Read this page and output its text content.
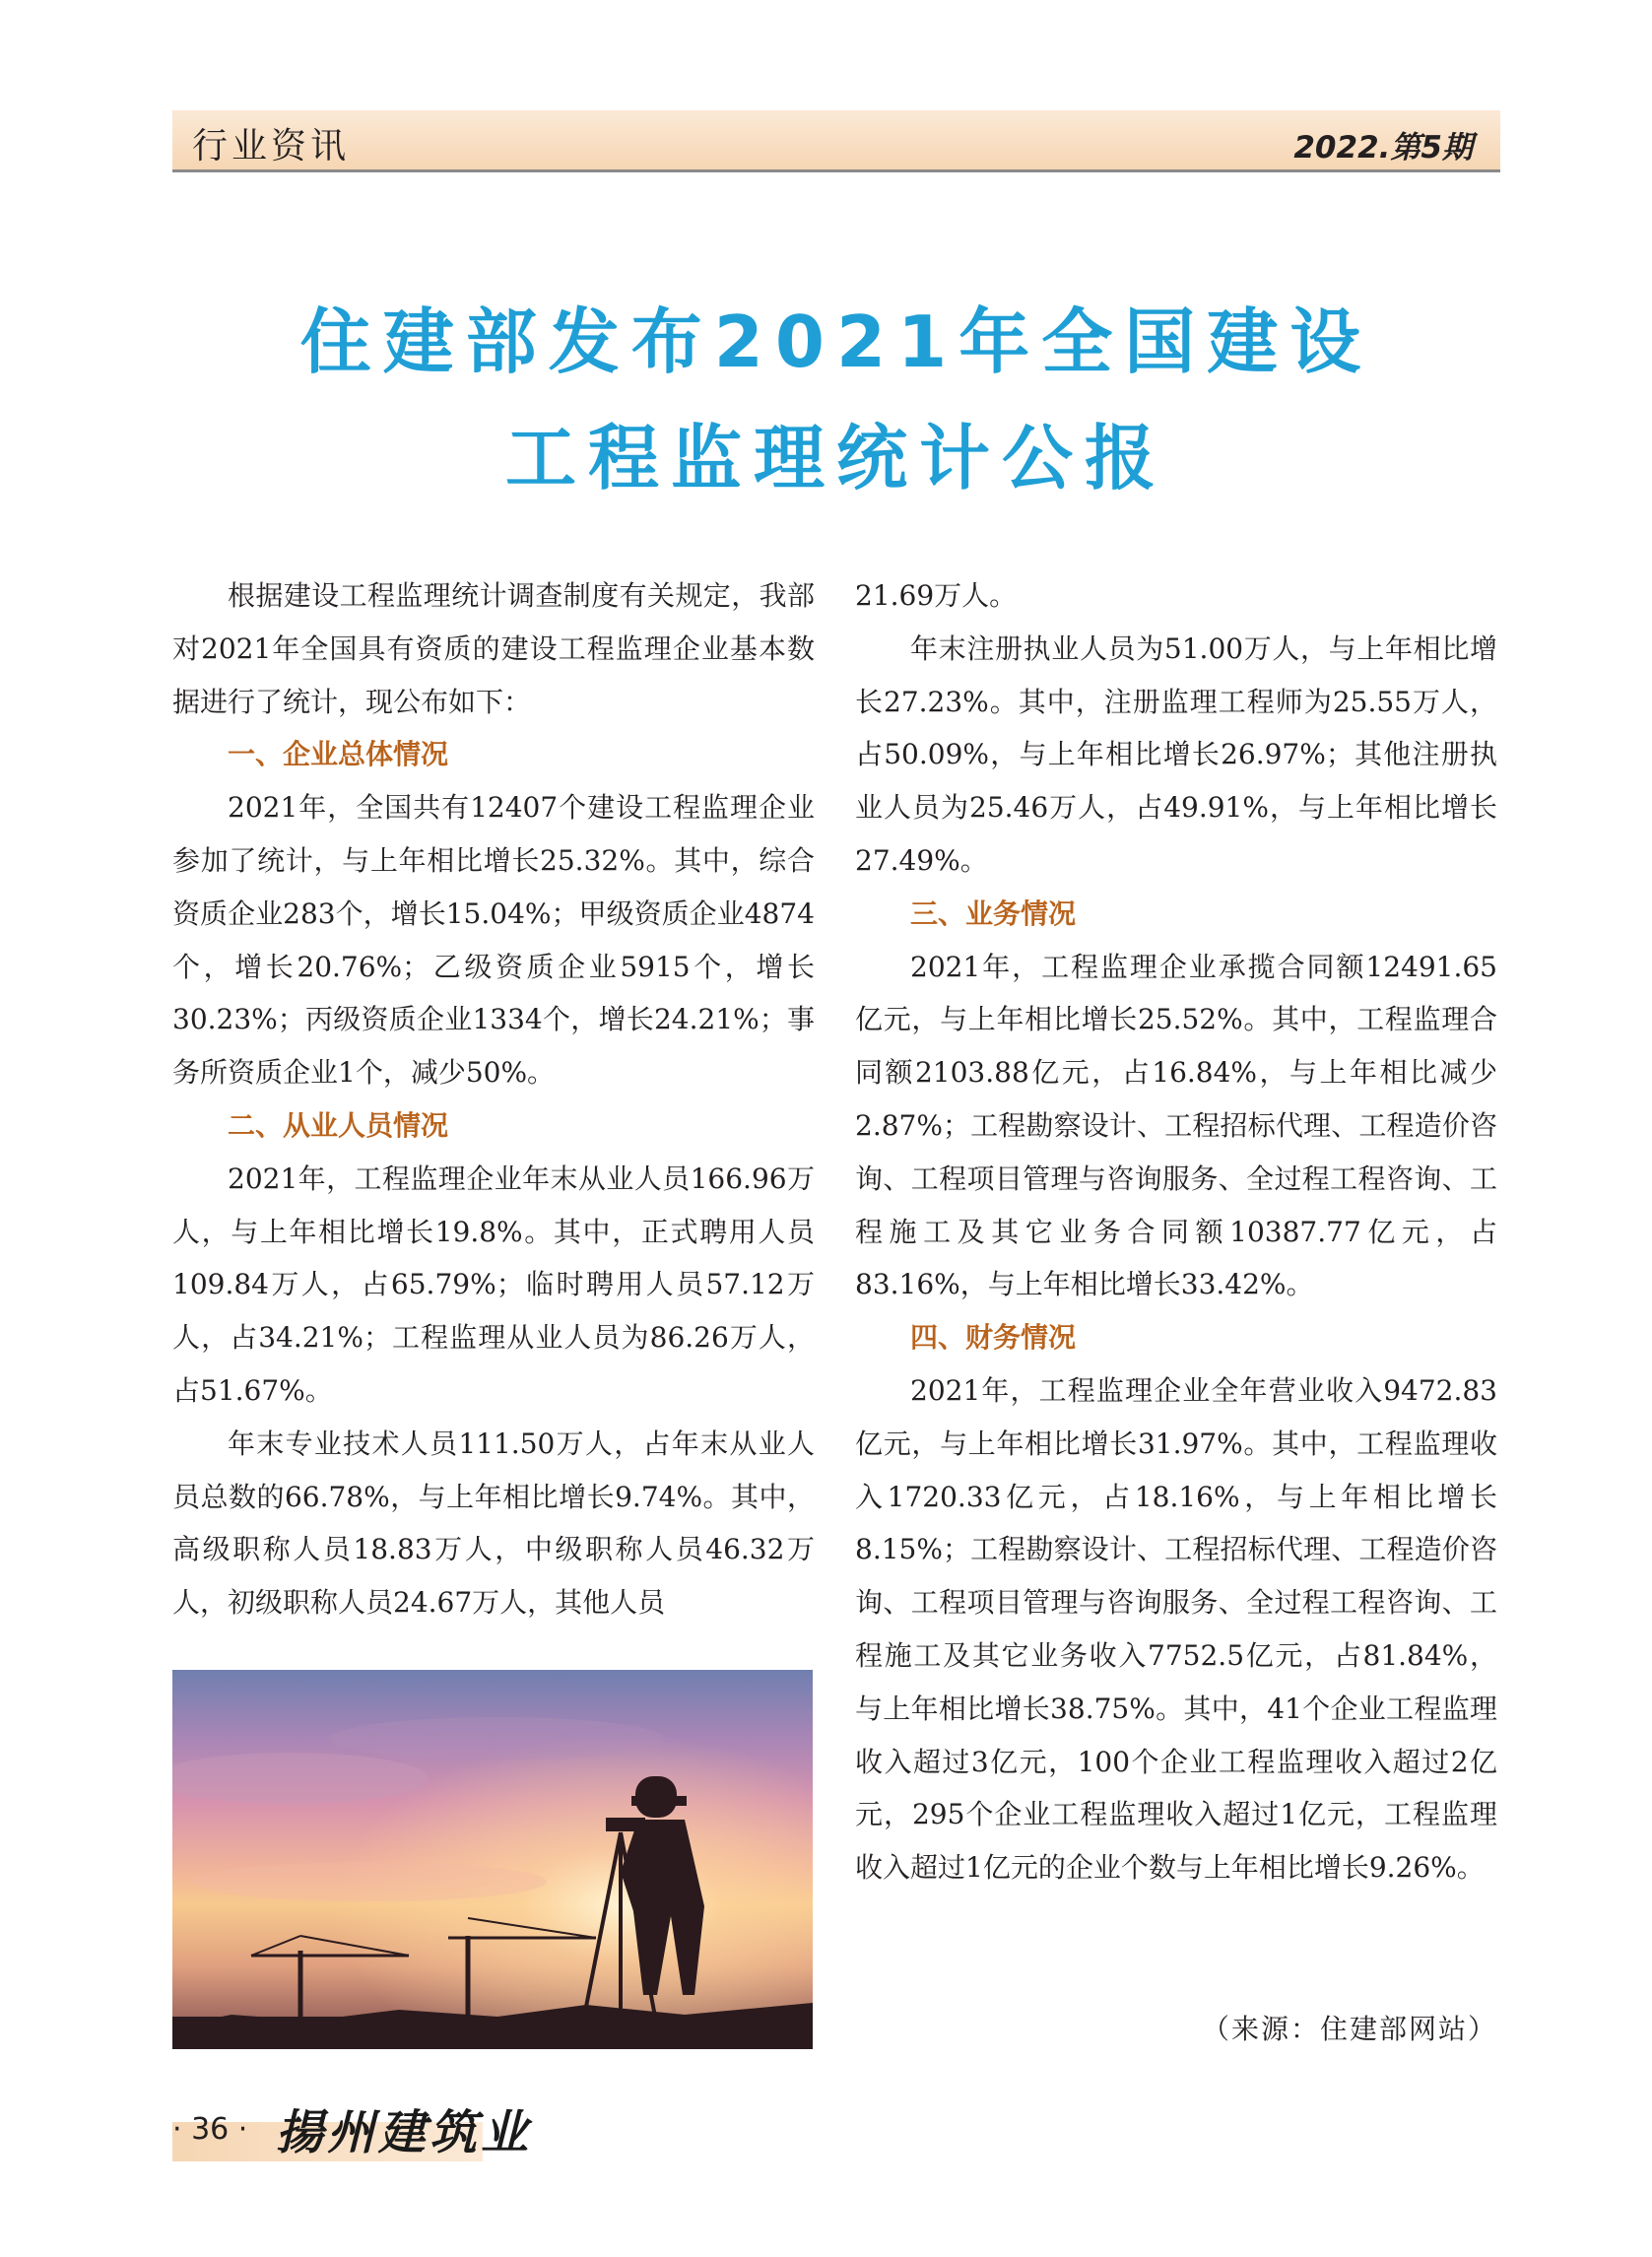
行业资讯	2022.第5期
住建部发布2021年全国建设
工程监理统计公报

根据建设工程监理统计调查制度有关规定，我部对2021年全国具有资质的建设工程监理企业基本数据进行了统计，现公布如下：

一、企业总体情况

2021年，全国共有12407个建设工程监理企业参加了统计，与上年相比增长25.32%。其中，综合资质企业283个，增长15.04%；甲级资质企业4874个，增长20.76%；乙级资质企业5915个，增长30.23%；丙级资质企业1334个，增长24.21%；事务所资质企业1个，减少50%。

二、从业人员情况

2021年，工程监理企业年末从业人员166.96万人，与上年相比增长19.8%。其中，正式聘用人员109.84万人，占65.79%；临时聘用人员57.12万人，占34.21%；工程监理从业人员为86.26万人，占51.67%。

年末专业技术人员111.50万人，占年末从业人员总数的66.78%，与上年相比增长9.74%。其中，高级职称人员18.83万人，中级职称人员46.32万人，初级职称人员24.67万人，其他人员

21.69万人。

年末注册执业人员为51.00万人，与上年相比增长27.23%。其中，注册监理工程师为25.55万人，占50.09%，与上年相比增长26.97%；其他注册执业人员为25.46万人，占49.91%，与上年相比增长27.49%。

三、业务情况

2021年，工程监理企业承揽合同额12491.65亿元，与上年相比增长25.52%。其中，工程监理合同额2103.88亿元，占16.84%，与上年相比减少2.87%；工程勘察设计、工程招标代理、工程造价咨询、工程项目管理与咨询服务、全过程工程咨询、工程施工及其它业务合同额10387.77亿元，占83.16%，与上年相比增长33.42%。

四、财务情况

2021年，工程监理企业全年营业收入9472.83亿元，与上年相比增长31.97%。其中，工程监理收入1720.33亿元，占18.16%，与上年相比增长8.15%；工程勘察设计、工程招标代理、工程造价咨询、工程项目管理与咨询服务、全过程工程咨询、工程施工及其它业务收入7752.5亿元，占81.84%，与上年相比增长38.75%。其中，41个企业工程监理收入超过3亿元，100个企业工程监理收入超过2亿元，295个企业工程监理收入超过1亿元，工程监理收入超过1亿元的企业个数与上年相比增长9.26%。

（来源：住建部网站）
· 36 · 揚州建筑业
